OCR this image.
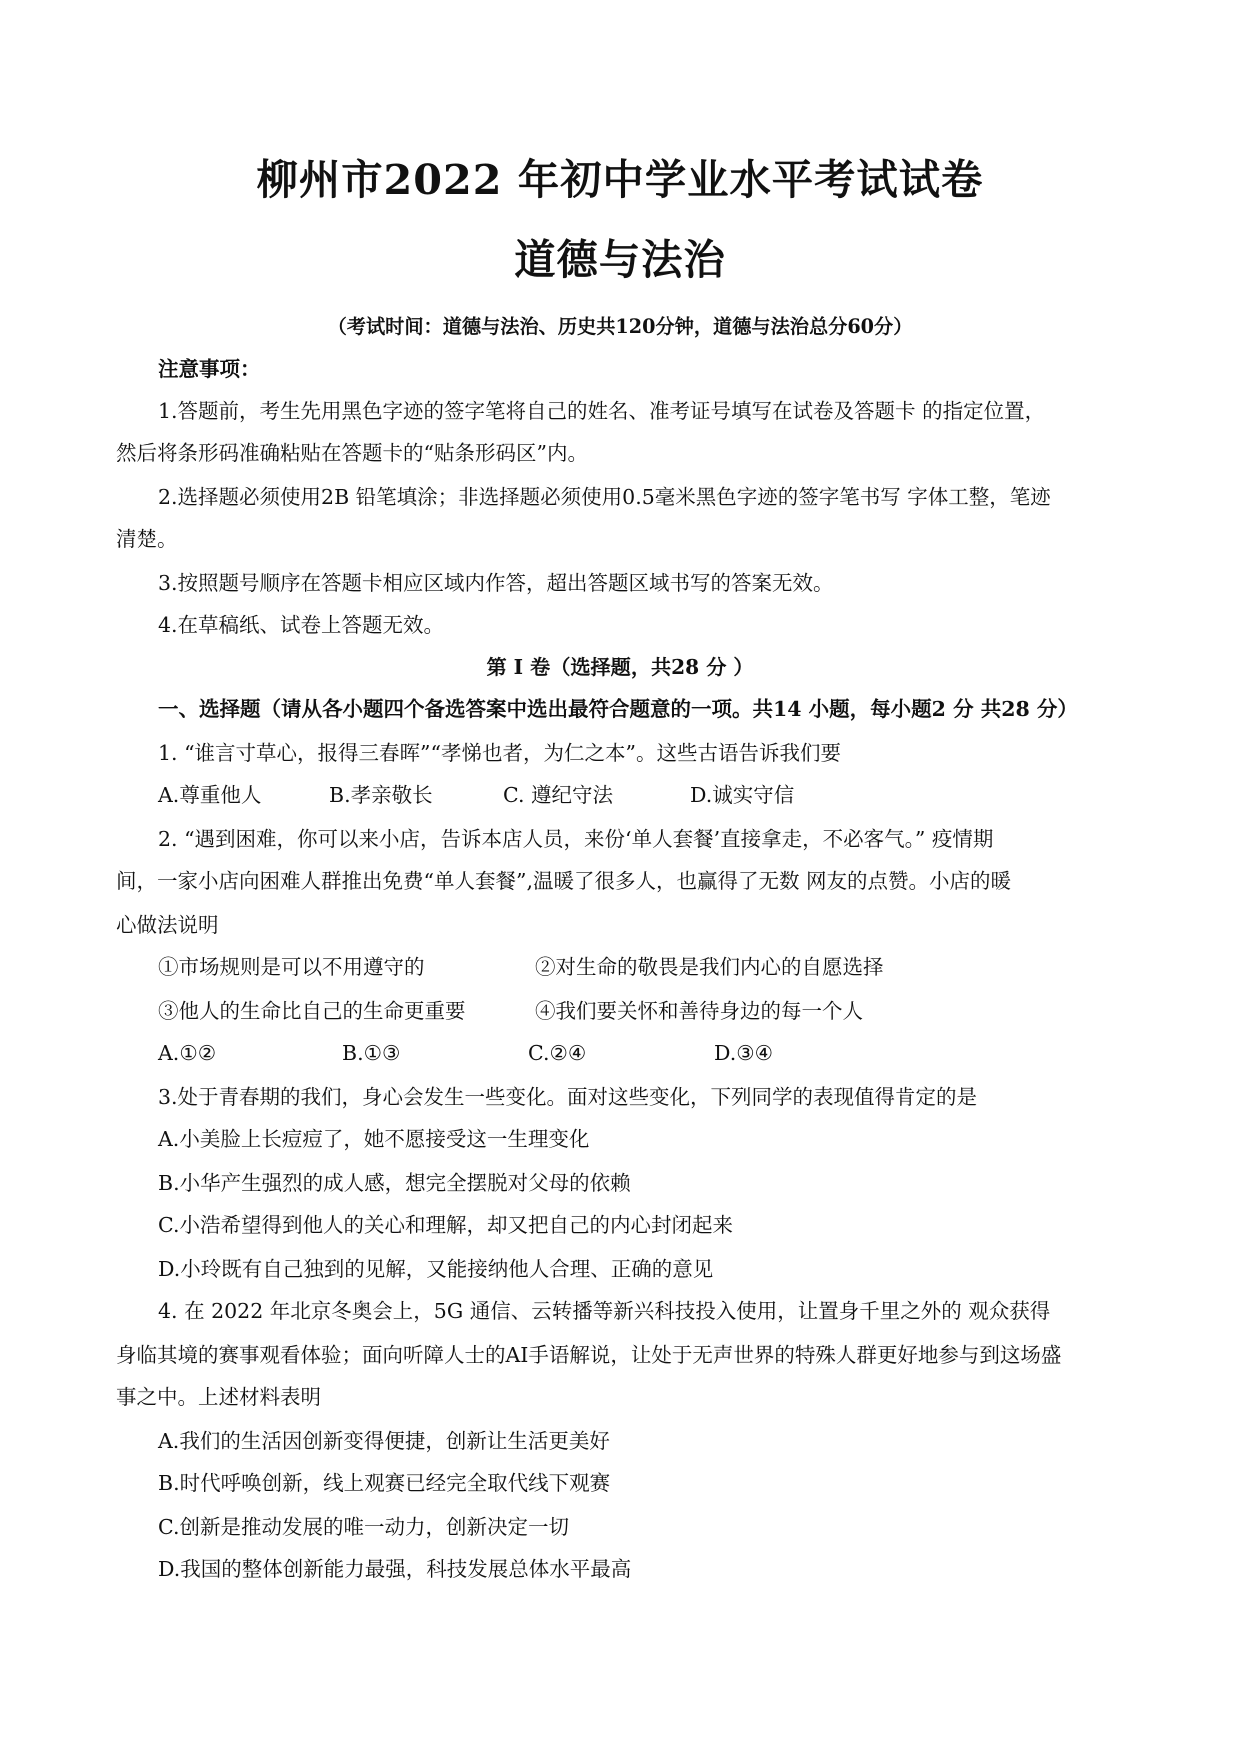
柳州市2022 年初中学业水平考试试卷
道德与法治
（考试时间：道德与法治、历史共120分钟，道德与法治总分60分）
注意事项：
1.答题前，考生先用黑色字迹的签字笔将自己的姓名、准考证号填写在试卷及答题卡 的指定位置，
然后将条形码准确粘贴在答题卡的“贴条形码区”内。
2.选择题必须使用2B 铅笔填涂；非选择题必须使用0.5毫米黑色字迹的签字笔书写 字体工整，笔迹
清楚。
3.按照题号顺序在答题卡相应区域内作答，超出答题区域书写的答案无效。
4.在草稿纸、试卷上答题无效。
第 I 卷（选择题，共28 分 ）
一、选择题（请从各小题四个备选答案中选出最符合题意的一项。共14 小题，每小题2 分 共28 分）
1. “谁言寸草心，报得三春晖”“孝悌也者，为仁之本”。这些古语告诉我们要
A.尊重他人	B.孝亲敬长	C. 遵纪守法	D.诚实守信
2. “遇到困难，你可以来小店，告诉本店人员，来份‘单人套餐’直接拿走，不必客气。” 疫情期
间，一家小店向困难人群推出免费“单人套餐”,温暖了很多人，也赢得了无数 网友的点赞。小店的暖
心做法说明
①市场规则是可以不用遵守的	②对生命的敬畏是我们内心的自愿选择
③他人的生命比自己的生命更重要	④我们要关怀和善待身边的每一个人
A.①②	B.①③	C.②④	D.③④
3.处于青春期的我们，身心会发生一些变化。面对这些变化，下列同学的表现值得肯定的是
A.小美脸上长痘痘了，她不愿接受这一生理变化
B.小华产生强烈的成人感，想完全摆脱对父母的依赖
C.小浩希望得到他人的关心和理解，却又把自己的内心封闭起来
D.小玲既有自己独到的见解，又能接纳他人合理、正确的意见
4. 在 2022 年北京冬奥会上，5G 通信、云转播等新兴科技投入使用，让置身千里之外的 观众获得
身临其境的赛事观看体验；面向听障人士的AI手语解说，让处于无声世界的特殊人群更好地参与到这场盛
事之中。上述材料表明
A.我们的生活因创新变得便捷，创新让生活更美好
B.时代呼唤创新，线上观赛已经完全取代线下观赛
C.创新是推动发展的唯一动力，创新决定一切
D.我国的整体创新能力最强，科技发展总体水平最高
